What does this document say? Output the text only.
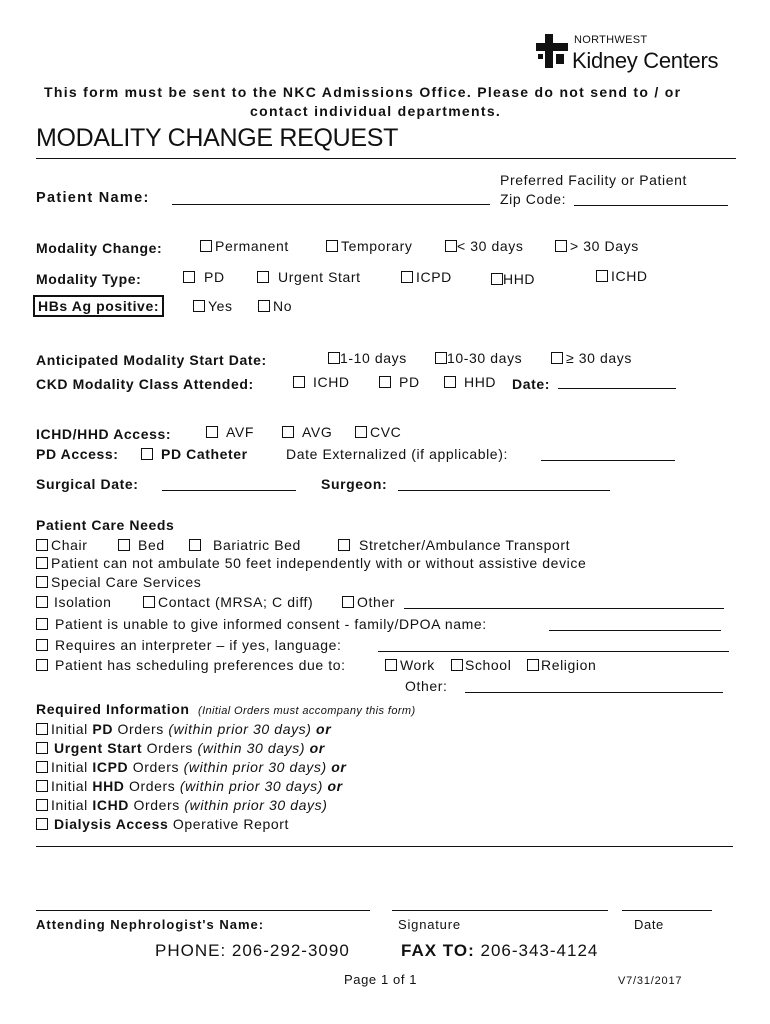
NORTHWEST
Kidney Centers
This form must be sent to the NKC Admissions Office. Please do not send to / or
contact individual departments.
MODALITY CHANGE REQUEST
Patient Name:
Preferred Facility or Patient
Zip Code:
Modality Change:	Permanent	Temporary	< 30 days	> 30 Days
Modality Type:	PD	Urgent Start	ICPD	HHD	ICHD
HBs Ag positive:	Yes	No
Anticipated Modality Start Date:	1-10 days	10-30 days	≥ 30 days
CKD Modality Class Attended:	ICHD	PD	HHD Date:
ICHD/HHD Access:	AVF	AVG	CVC
PD Access:	PD Catheter	Date Externalized (if applicable):
Surgical Date:	Surgeon:
Patient Care Needs
Chair	Bed	Bariatric Bed	Stretcher/Ambulance Transport
Patient can not ambulate 50 feet independently with or without assistive device
Special Care Services
Isolation	Contact (MRSA; C diff)	Other
Patient is unable to give informed consent - family/DPOA name:
Requires an interpreter – if yes, language:
Patient has scheduling preferences due to:	Work	School	Religion
Other:
Required Information (Initial Orders must accompany this form)
Initial PD Orders (within prior 30 days) or
Urgent Start Orders (within 30 days) or
Initial ICPD Orders (within prior 30 days) or
Initial HHD Orders (within prior 30 days) or
Initial ICHD Orders (within prior 30 days)
Dialysis Access Operative Report
Attending Nephrologist's Name:	Signature	Date
PHONE: 206-292-3090	FAX TO: 206-343-4124
Page 1 of 1	V7/31/2017
